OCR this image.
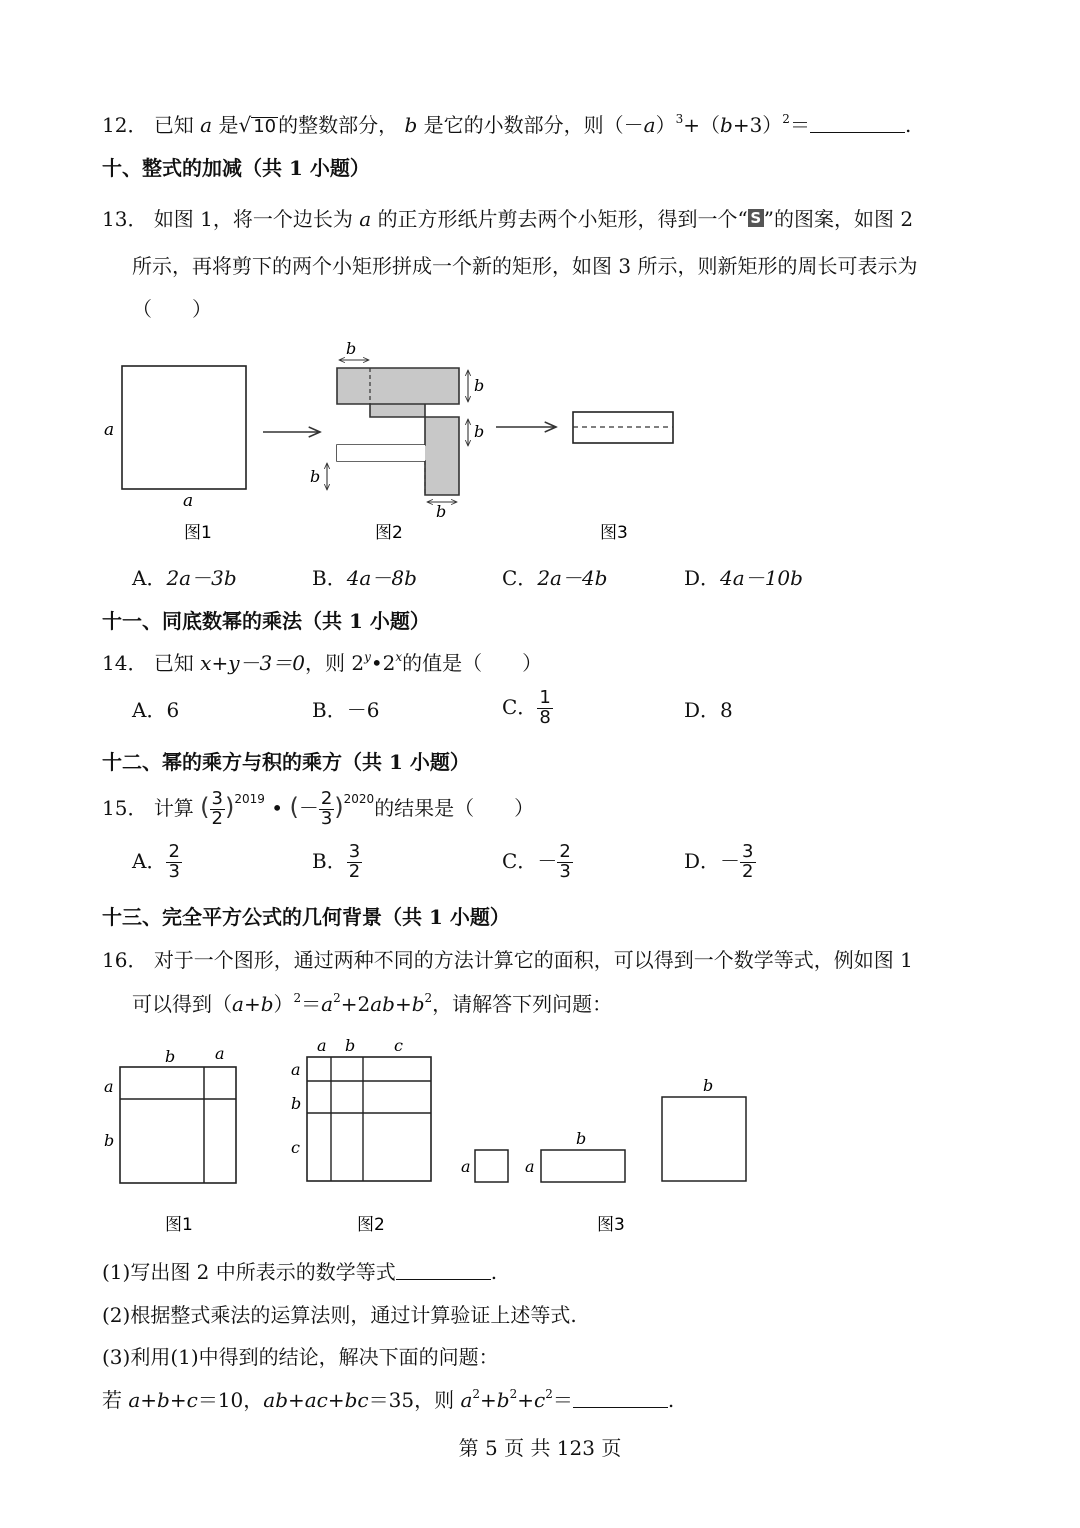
12． 已知 a 是√ 10 的整数部分， b 是它的小数部分，则$(-a)^3+(b+3)^2=$	.
十、整式的加减（共 1 小题）
13． 如图 1，将一个边长为 a 的正方形纸片剪去两个小矩形，得到一个“ S ”的图案，如图 2
所示，再将剪下的两个小矩形拼成一个新的矩形，如图 3 所示，则新矩形的周长可表示为
（　　）
a
a
图1
b
b
b
b
b
图2	图3
A．2a－3b	B．4a－8b	C．2a－4b	D．4a－10b
十一、同底数幂的乘法（共 1 小题）
14． 已知 x+y－3＝0，则 2$^y$•2$^x$的值是（　　）
A．6	B．－6	C． $\frac{1}{8}$	D．8
十二、幂的乘方与积的乘方（共 1 小题）
15． 计算 ( $\frac{3}{2} )^{2019}$ • (－ $\frac{2}{3} )^{2020}$的结果是（　　）
A． $\frac{2}{3}$	B． $\frac{3}{2}$	C．－ $\frac{2}{3}$	D．－ $\frac{3}{2}$
十三、完全平方公式的几何背景（共 1 小题）
16． 对于一个图形，通过两种不同的方法计算它的面积，可以得到一个数学等式，例如图 1
可以得到$(a+b)^2=a^2+2ab+b^2$，请解答下列问题：
b a
a
b
图1
a b c
a
b
c
图2
a	a
b
b
图3
(1)写出图 2 中所表示的数学等式	.
(2)根据整式乘法的运算法则，通过计算验证上述等式.
(3)利用(1)中得到的结论，解决下面的问题：
若 a+b+c＝10，ab+ac+bc＝35，则 $a^2+b^2+c^2=$	.
第 5 页 共 123 页
